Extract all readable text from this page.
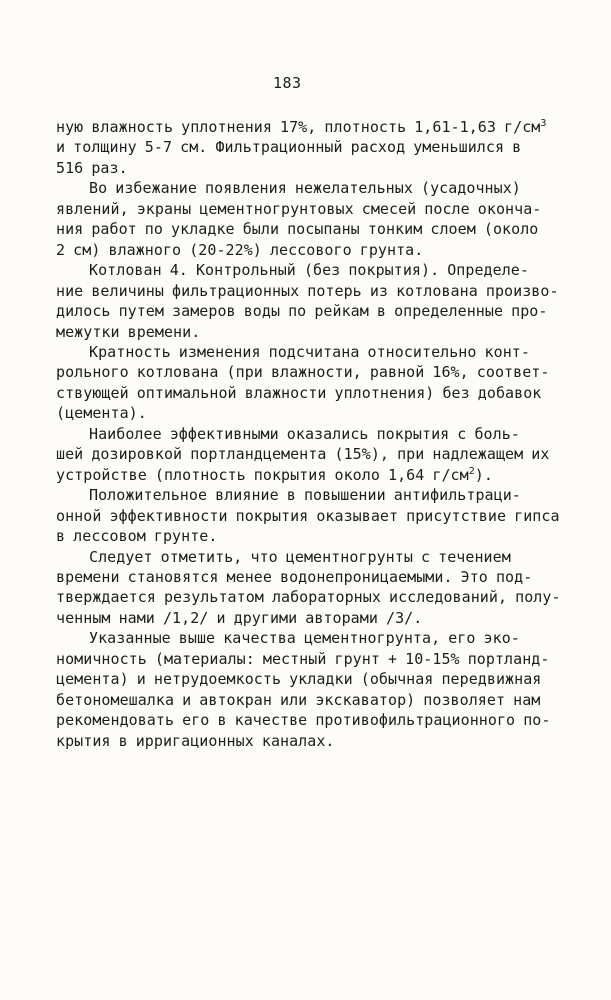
183
ную влажность уплотнения 17%, плотность 1,61-1,63 $г/см^3$
и толщину 5-7 см. Фильтрационный расход уменьшился в
516 раз.
Во избежание появления нежелательных (усадочных)
явлений, экраны цементногрунтовых смесей после оконча-
ния работ по укладке были посыпаны тонким слоем (около
2 см) влажного (20-22%) лессового грунта.
Котлован 4. Контрольный (без покрытия). Определе-
ние величины фильтрационных потерь из котлована произво-
дилось путем замеров воды по рейкам в определенные про-
межутки времени.
Кратность изменения подсчитана относительно конт-
рольного котлована (при влажности, равной 16%, соответ-
ствующей оптимальной влажности уплотнения) без добавок
(цемента).
Наиболее эффективными оказались покрытия с боль-
шей дозировкой портландцемента (15%), при надлежащем их
устройстве (плотность покрытия около 1,64 $г/см^2$).
Положительное влияние в повышении антифильтраци-
онной эффективности покрытия оказывает присутствие гипса
в лессовом грунте.
Следует отметить, что цементногрунты с течением
времени становятся менее водонепроницаемыми. Это под-
тверждается результатом лабораторных исследований, полу-
ченным нами /1,2/ и другими авторами /3/.
Указанные выше качества цементногрунта, его эко-
номичность (материалы: местный грунт + 10-15% портланд-
цемента) и нетрудоемкость укладки (обычная передвижная
бетономешалка и автокран или экскаватор) позволяет нам
рекомендовать его в качестве противофильтрационного по-
крытия в ирригационных каналах.
